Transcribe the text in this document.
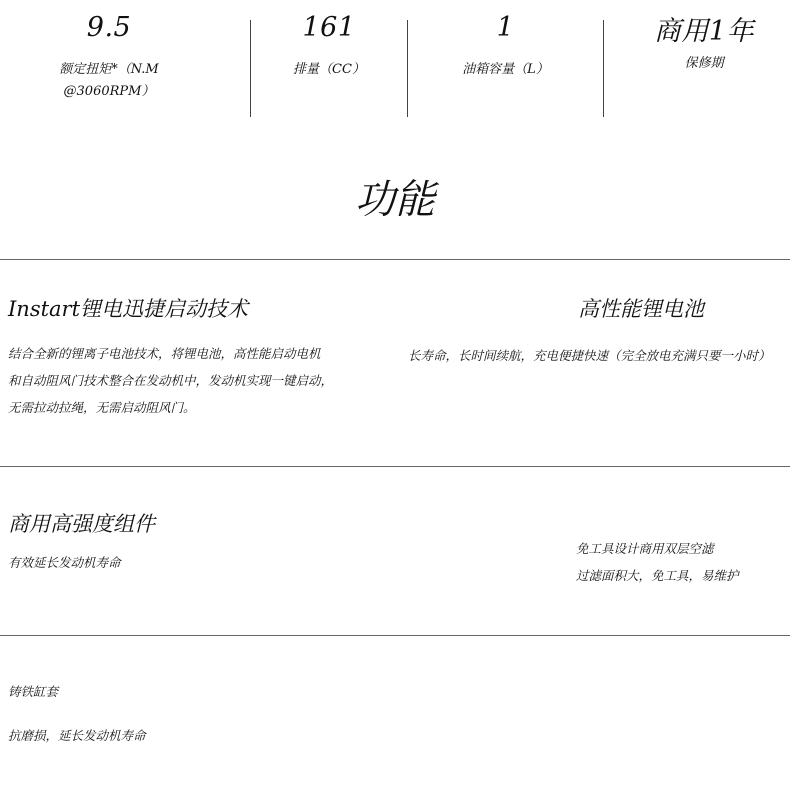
9.5
额定扭矩*（N.M
@3060RPM）
161
排量（CC）
1
油箱容量（L）
商用1年
保修期
功能
Instart锂电迅捷启动技术
结合全新的锂离子电池技术，将锂电池，高性能启动电机
和自动阻风门技术整合在发动机中，发动机实现一键启动，
无需拉动拉绳，无需启动阻风门。
高性能锂电池
长寿命，长时间续航，充电便捷快速（完全放电充满只要一小时）
商用高强度组件
有效延长发动机寿命
免工具设计商用双层空滤
过滤面积大，免工具，易维护
铸铁缸套
抗磨损，延长发动机寿命
